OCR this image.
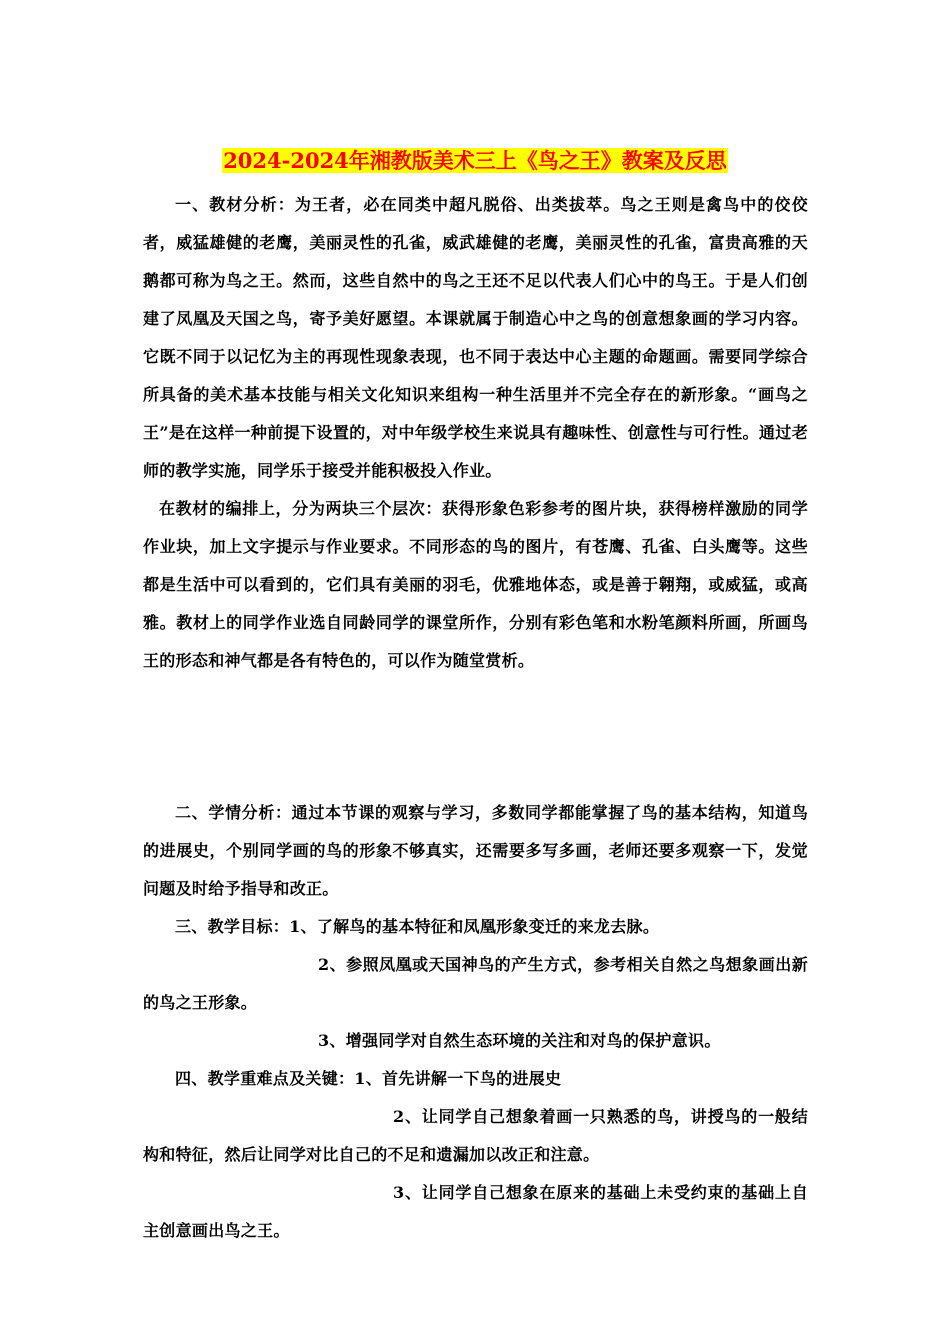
2024-2024年湘教版美术三上《鸟之王》教案及反思

一、教材分析：为王者，必在同类中超凡脱俗、出类拔萃。鸟之王则是禽鸟中的佼佼者，威猛雄健的老鹰，美丽灵性的孔雀，威武雄健的老鹰，美丽灵性的孔雀，富贵高雅的天鹅都可称为鸟之王。然而，这些自然中的鸟之王还不足以代表人们心中的鸟王。于是人们创建了凤凰及天国之鸟，寄予美好愿望。本课就属于制造心中之鸟的创意想象画的学习内容。它既不同于以记忆为主的再现性现象表现，也不同于表达中心主题的命题画。需要同学综合所具备的美术基本技能与相关文化知识来组构一种生活里并不完全存在的新形象。“画鸟之王”是在这样一种前提下设置的，对中年级学校生来说具有趣味性、创意性与可行性。通过老师的教学实施，同学乐于接受并能积极投入作业。

在教材的编排上，分为两块三个层次：获得形象色彩参考的图片块，获得榜样激励的同学作业块，加上文字提示与作业要求。不同形态的鸟的图片，有苍鹰、孔雀、白头鹰等。这些都是生活中可以看到的，它们具有美丽的羽毛，优雅地体态，或是善于翱翔，或威猛，或高雅。教材上的同学作业选自同龄同学的课堂所作，分别有彩色笔和水粉笔颜料所画，所画鸟王的形态和神气都是各有特色的，可以作为随堂赏析。

二、学情分析：通过本节课的观察与学习，多数同学都能掌握了鸟的基本结构，知道鸟的进展史，个别同学画的鸟的形象不够真实，还需要多写多画，老师还要多观察一下，发觉问题及时给予指导和改正。

三、教学目标：1、了解鸟的基本特征和凤凰形象变迁的来龙去脉。

2、参照凤凰或天国神鸟的产生方式，参考相关自然之鸟想象画出新的鸟之王形象。

3、增强同学对自然生态环境的关注和对鸟的保护意识。

四、教学重难点及关键：1、首先讲解一下鸟的进展史

2、让同学自己想象着画一只熟悉的鸟，讲授鸟的一般结构和特征，然后让同学对比自己的不足和遗漏加以改正和注意。

3、让同学自己想象在原来的基础上未受约束的基础上自主创意画出鸟之王。
